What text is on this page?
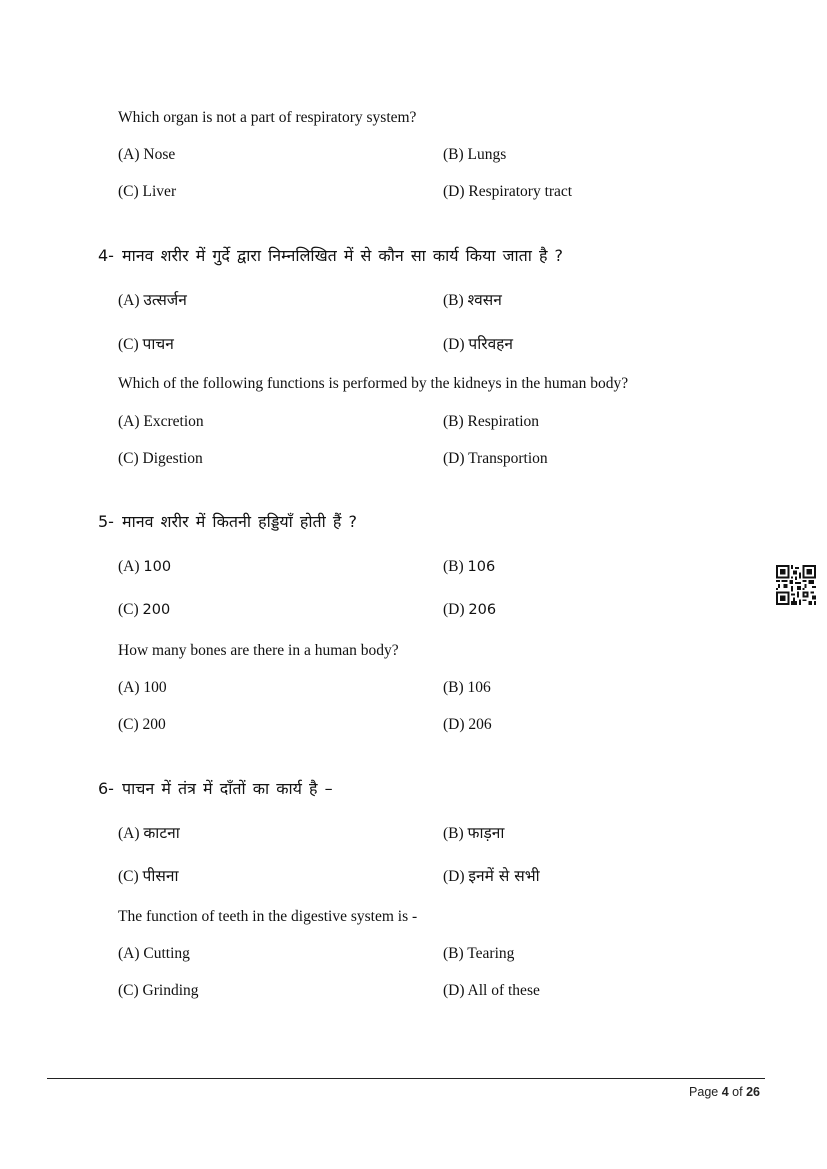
Which organ is not a part of respiratory system?
(A) Nose	(B) Lungs
(C) Liver	(D) Respiratory tract
4- मानव शरीर में गुर्दे द्वारा निम्नलिखित में से कौन सा कार्य किया जाता है ?
(A) उत्सर्जन	(B) श्वसन
(C) पाचन	(D) परिवहन
Which of the following functions is performed by the kidneys in the human body?
(A) Excretion	(B) Respiration
(C) Digestion	(D) Transportion
5- मानव शरीर में कितनी हड्डियाँ होती हैं ?
(A) 100	(B) 106
(C) 200	(D) 206
How many bones are there in a human body?
(A) 100	(B) 106
(C) 200	(D) 206
6- पाचन में तंत्र में दाँतों का कार्य है –
(A) काटना	(B) फाड़ना
(C) पीसना	(D) इनमें से सभी
The function of teeth in the digestive system is -
(A) Cutting	(B) Tearing
(C) Grinding	(D) All of these
Page 4 of 26
